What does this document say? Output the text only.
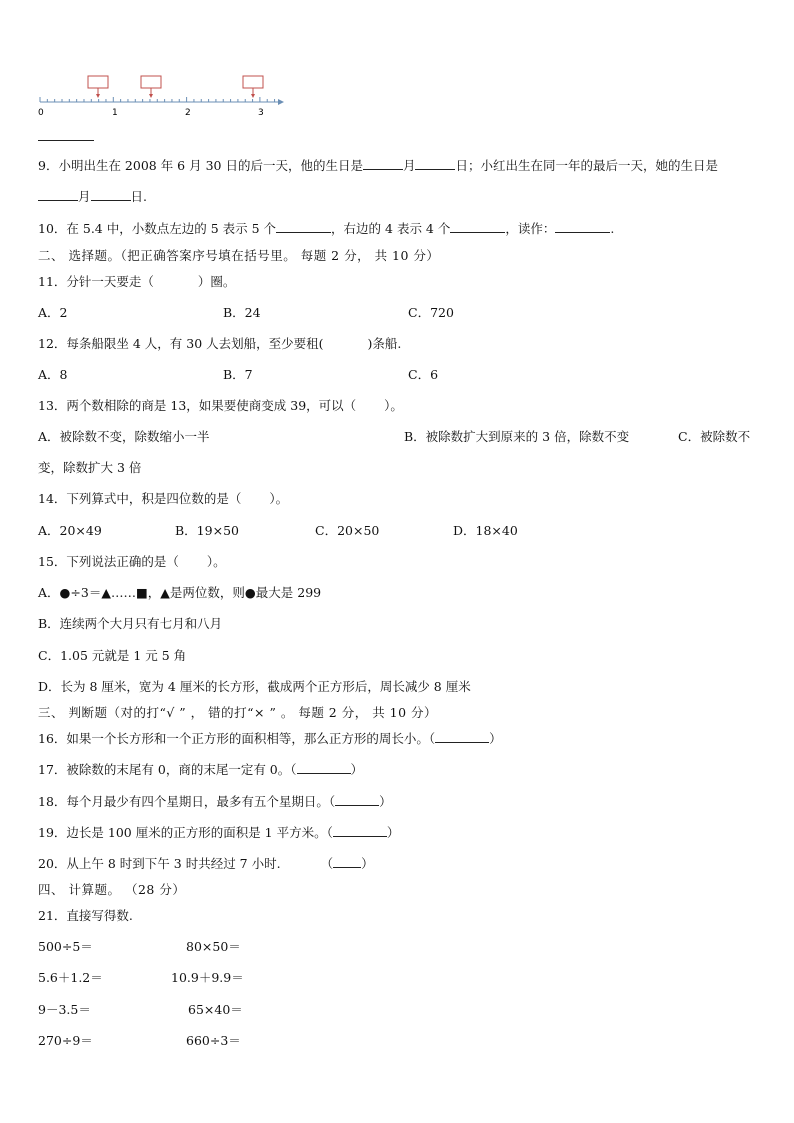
0	1	2	3
9．小明出生在 2008 年 6 月 30 日的后一天，他的生日是	月	日；小红出生在同一年的最后一天，她的生日是
月	日.
10．在 5.4 中，小数点左边的 5 表示 5 个	，右边的 4 表示 4 个	，读作：	.
二、 选择题。（把正确答案序号填在括号里。 每题 2 分， 共 10 分）
11．分针一天要走（	）圈。
A．2	B．24	C．720
12．每条船限坐 4 人，有 30 人去划船，至少要租(	)条船.
A．8	B．7	C．6
13．两个数相除的商是 13，如果要使商变成 39，可以（ ）。
A．被除数不变，除数缩小一半	B．被除数扩大到原来的 3 倍，除数不变	C．被除数不
变，除数扩大 3 倍
14．下列算式中，积是四位数的是（ ）。
A．20×49	B．19×50	C．20×50	D．18×40
15．下列说法正确的是（ ）。
A．●÷3＝▲……■，▲是两位数，则●最大是 299
B．连续两个大月只有七月和八月
C．1.05 元就是 1 元 5 角
D．长为 8 厘米，宽为 4 厘米的长方形，截成两个正方形后，周长减少 8 厘米
三、 判断题（对的打“√ ” ， 错的打“× ” 。 每题 2 分， 共 10 分）
16．如果一个长方形和一个正方形的面积相等，那么正方形的周长小。（	）
17．被除数的末尾有 0，商的末尾一定有 0。（	）
18．每个月最少有四个星期日，最多有五个星期日。（	）
19．边长是 100 厘米的正方形的面积是 1 平方米。（	）
20．从上午 8 时到下午 3 时共经过 7 小时.	（ ）
四、 计算题。 （28 分）
21．直接写得数.
500÷5＝	80×50＝
5.6＋1.2＝	10.9＋9.9＝
9－3.5＝	65×40＝
270÷9＝	660÷3＝
